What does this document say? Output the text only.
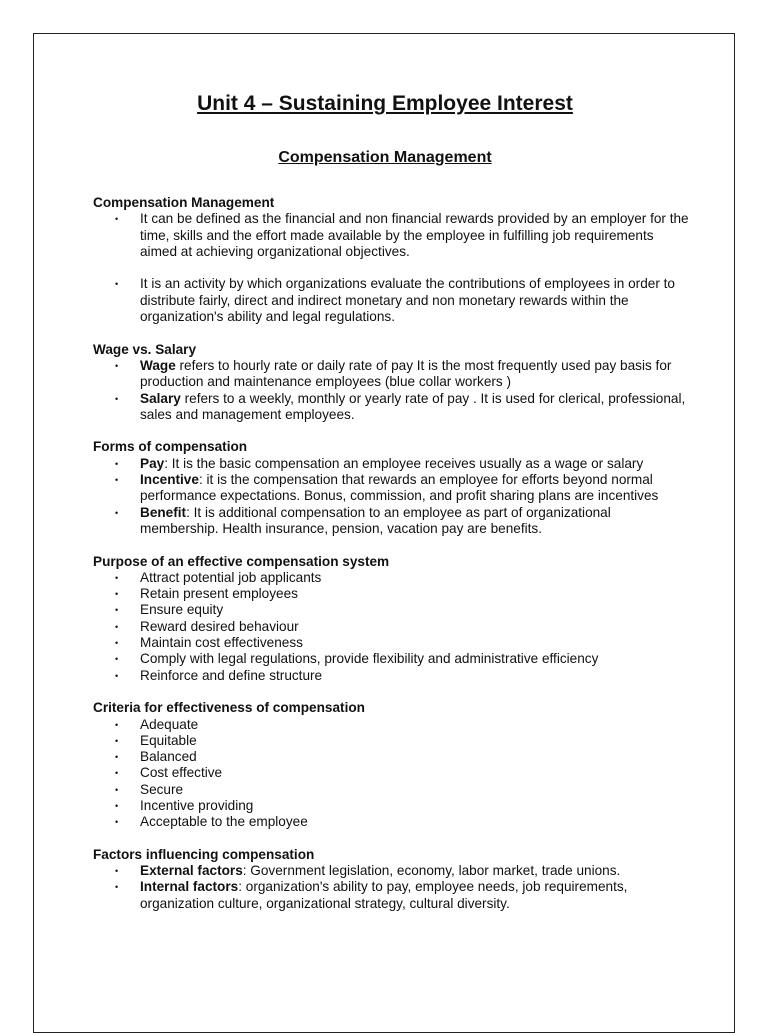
Unit 4 – Sustaining Employee Interest
Compensation Management

Compensation Management

• It can be defined as the financial and non financial rewards provided by an employer for the time, skills and the effort made available by the employee in fulfilling job requirements aimed at achieving organizational objectives.
• It is an activity by which organizations evaluate the contributions of employees in order to distribute fairly, direct and indirect monetary and non monetary rewards within the organization's ability and legal regulations.

Wage vs. Salary

• Wage refers to hourly rate or daily rate of pay It is the most frequently used pay basis for production and maintenance employees (blue collar workers )
• Salary refers to a weekly, monthly or yearly rate of pay . It is used for clerical, professional, sales and management employees.

Forms of compensation

• Pay: It is the basic compensation an employee receives usually as a wage or salary
• Incentive: it is the compensation that rewards an employee for efforts beyond normal performance expectations. Bonus, commission, and profit sharing plans are incentives
• Benefit: It is additional compensation to an employee as part of organizational membership. Health insurance, pension, vacation pay are benefits.

Purpose of an effective compensation system

• Attract potential job applicants
• Retain present employees
• Ensure equity
• Reward desired behaviour
• Maintain cost effectiveness
• Comply with legal regulations, provide flexibility and administrative efficiency
• Reinforce and define structure

Criteria for effectiveness of compensation

• Adequate
• Equitable
• Balanced
• Cost effective
• Secure
• Incentive providing
• Acceptable to the employee

Factors influencing compensation

• External factors: Government legislation, economy, labor market, trade unions.
• Internal factors: organization's ability to pay, employee needs, job requirements, organization culture, organizational strategy, cultural diversity.
